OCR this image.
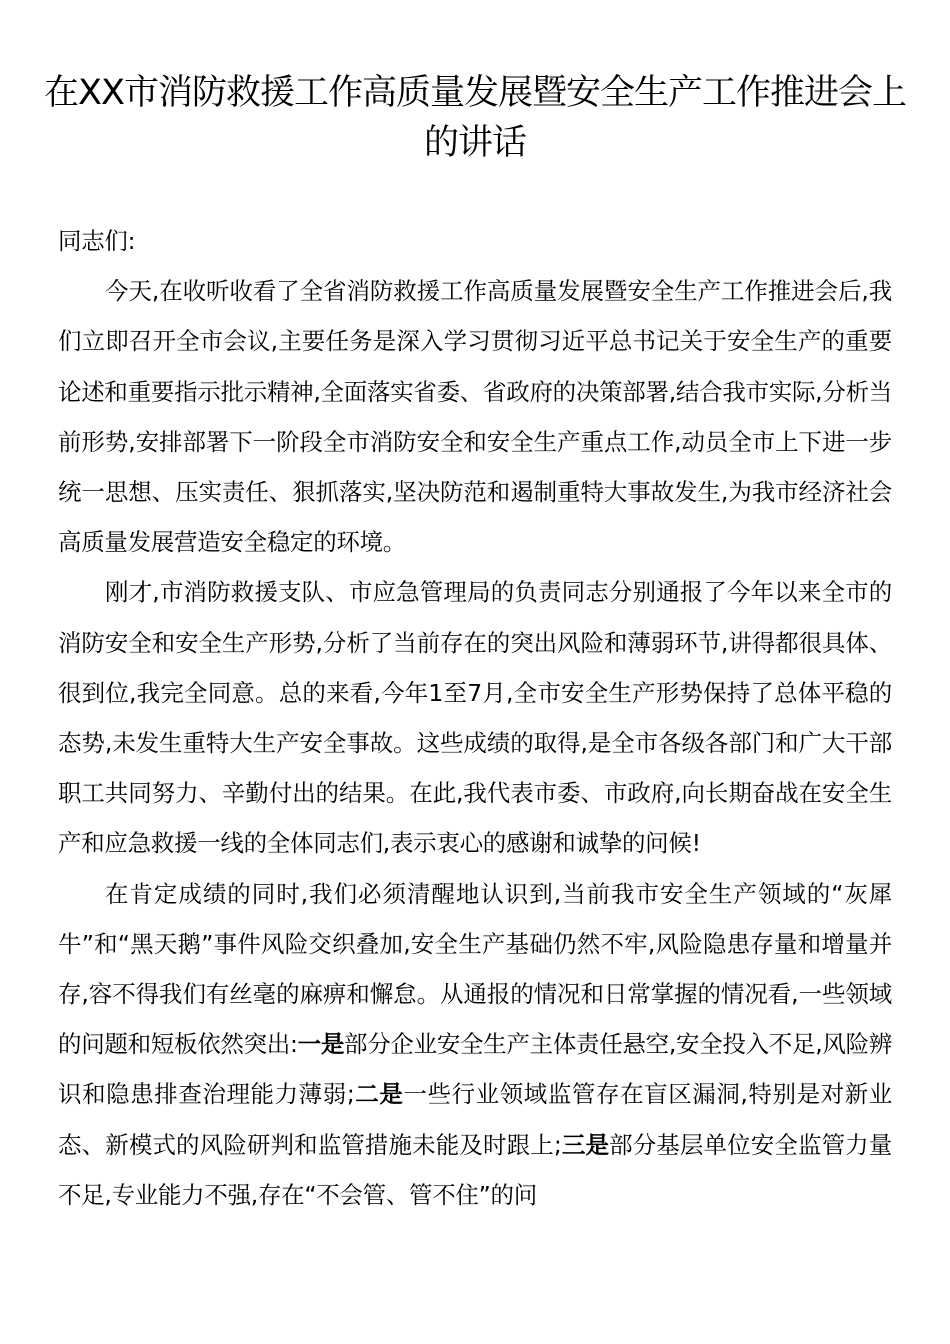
在XX市消防救援工作高质量发展暨安全生产工作推进会上的讲话

同志们:

今天,在收听收看了全省消防救援工作高质量发展暨安全生产工作推进会后,我们立即召开全市会议,主要任务是深入学习贯彻习近平总书记关于安全生产的重要论述和重要指示批示精神,全面落实省委、省政府的决策部署,结合我市实际,分析当前形势,安排部署下一阶段全市消防安全和安全生产重点工作,动员全市上下进一步统一思想、压实责任、狠抓落实,坚决防范和遏制重特大事故发生,为我市经济社会高质量发展营造安全稳定的环境。

刚才,市消防救援支队、市应急管理局的负责同志分别通报了今年以来全市的消防安全和安全生产形势,分析了当前存在的突出风险和薄弱环节,讲得都很具体、很到位,我完全同意。总的来看,今年1至7月,全市安全生产形势保持了总体平稳的态势,未发生重特大生产安全事故。这些成绩的取得,是全市各级各部门和广大干部职工共同努力、辛勤付出的结果。在此,我代表市委、市政府,向长期奋战在安全生产和应急救援一线的全体同志们,表示衷心的感谢和诚挚的问候!

在肯定成绩的同时,我们必须清醒地认识到,当前我市安全生产领域的“灰犀牛”和“黑天鹅”事件风险交织叠加,安全生产基础仍然不牢,风险隐患存量和增量并存,容不得我们有丝毫的麻痹和懈怠。从通报的情况和日常掌握的情况看,一些领域的问题和短板依然突出:一是部分企业安全生产主体责任悬空,安全投入不足,风险辨识和隐患排查治理能力薄弱;二是一些行业领域监管存在盲区漏洞,特别是对新业态、新模式的风险研判和监管措施未能及时跟上;三是部分基层单位安全监管力量不足,专业能力不强,存在“不会管、管不住”的问
